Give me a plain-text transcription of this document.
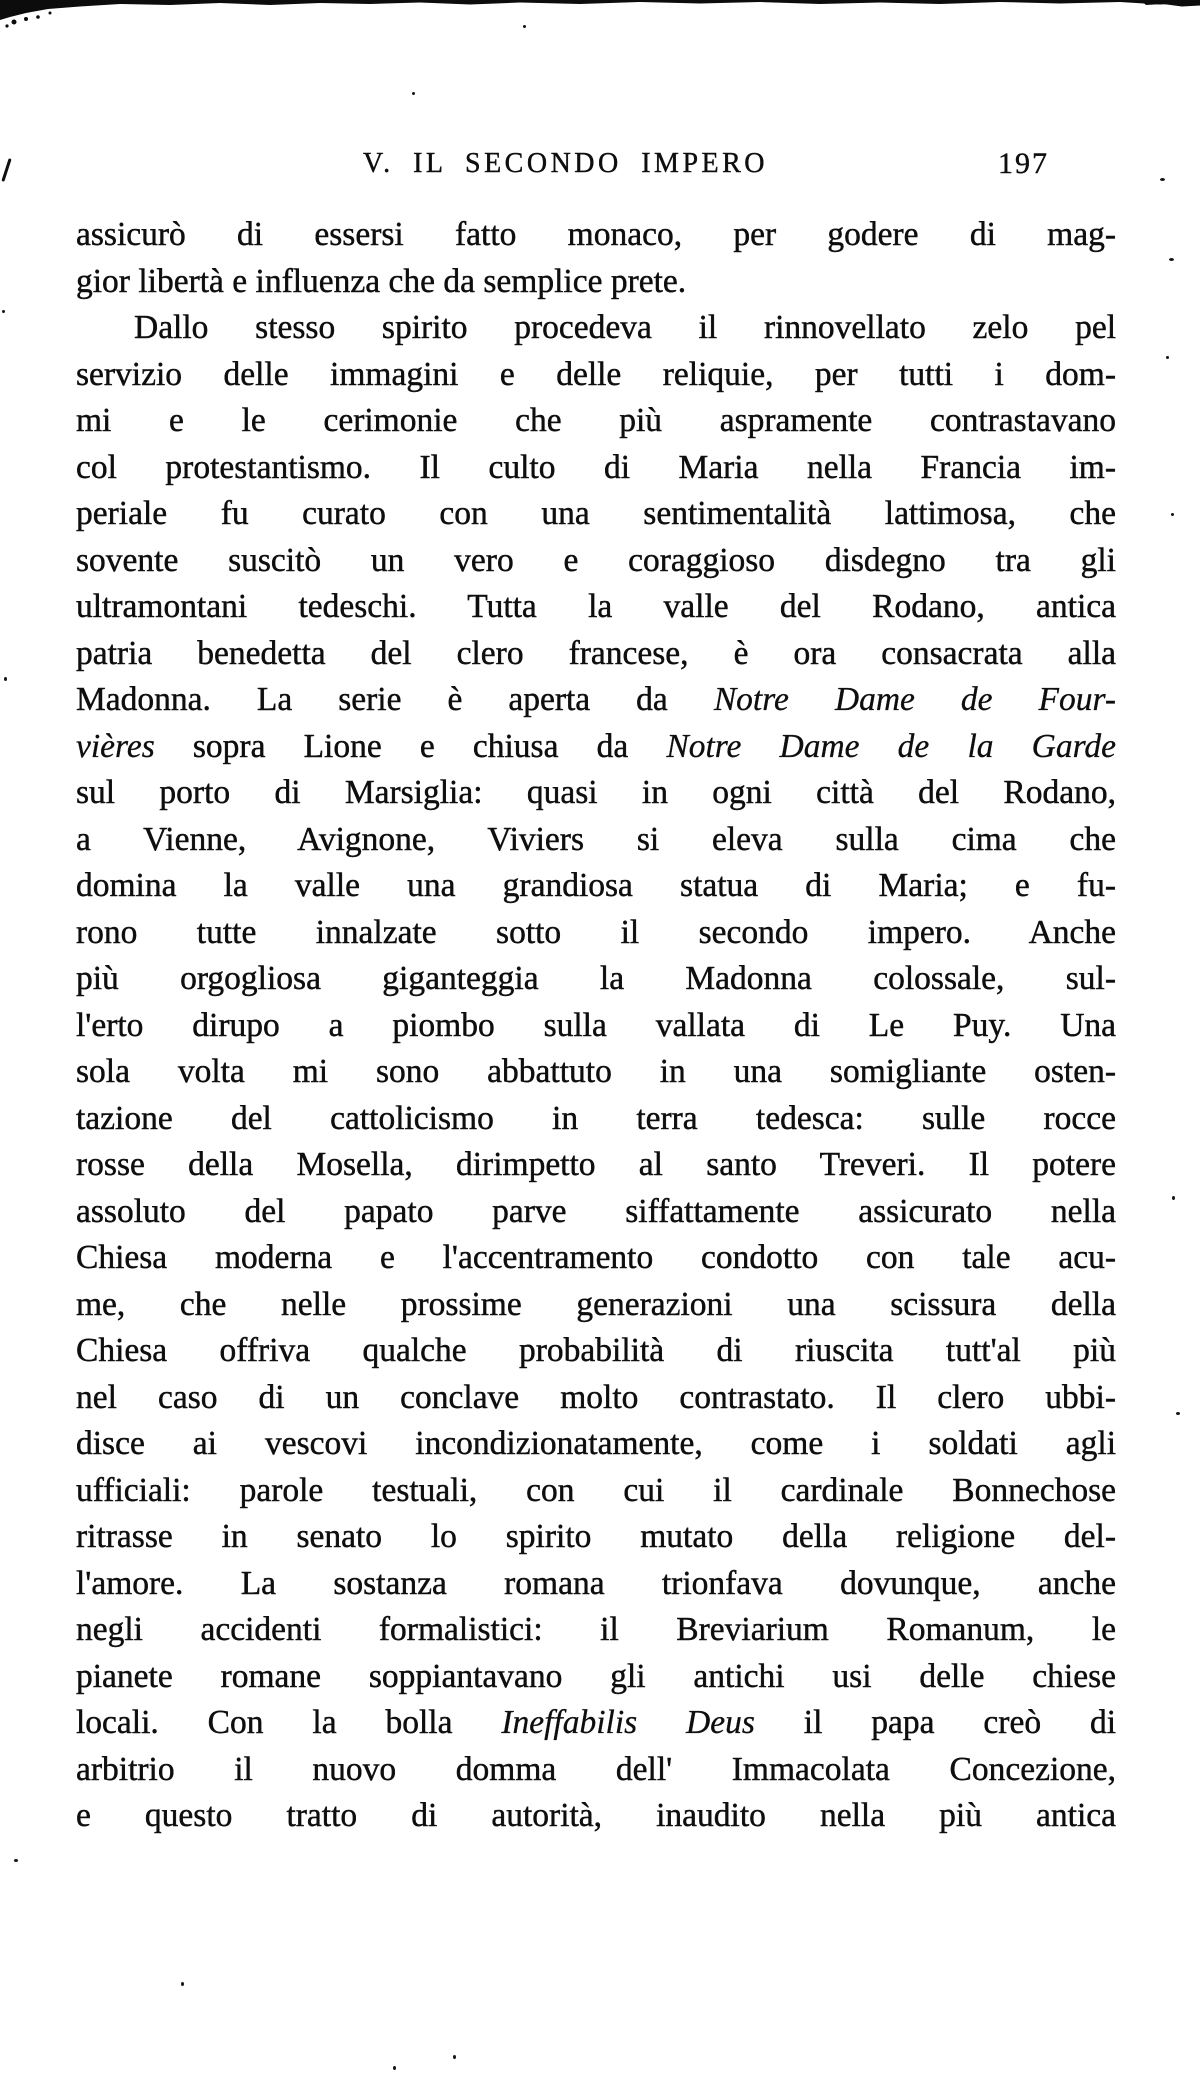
V. IL SECONDO IMPERO	197
assicurò di essersi fatto monaco, per godere di mag-
gior libertà e influenza che da semplice prete.
Dallo stesso spirito procedeva il rinnovellato zelo pel
servizio delle immagini e delle reliquie, per tutti i dom-
mi e le cerimonie che più aspramente contrastavano
col protestantismo. Il culto di Maria nella Francia im-
periale fu curato con una sentimentalità lattimosa, che
sovente suscitò un vero e coraggioso disdegno tra gli
ultramontani tedeschi. Tutta la valle del Rodano, antica
patria benedetta del clero francese, è ora consacrata alla
Madonna. La serie è aperta da Notre Dame de Four-
vières sopra Lione e chiusa da Notre Dame de la Garde
sul porto di Marsiglia: quasi in ogni città del Rodano,
a Vienne, Avignone, Viviers si eleva sulla cima che
domina la valle una grandiosa statua di Maria; e fu-
rono tutte innalzate sotto il secondo impero. Anche
più orgogliosa giganteggia la Madonna colossale, sul-
l'erto dirupo a piombo sulla vallata di Le Puy. Una
sola volta mi sono abbattuto in una somigliante osten-
tazione del cattolicismo in terra tedesca: sulle rocce
rosse della Mosella, dirimpetto al santo Treveri. Il potere
assoluto del papato parve siffattamente assicurato nella
Chiesa moderna e l'accentramento condotto con tale acu-
me, che nelle prossime generazioni una scissura della
Chiesa offriva qualche probabilità di riuscita tutt'al più
nel caso di un conclave molto contrastato. Il clero ubbi-
disce ai vescovi incondizionatamente, come i soldati agli
ufficiali: parole testuali, con cui il cardinale Bonnechose
ritrasse in senato lo spirito mutato della religione del-
l'amore. La sostanza romana trionfava dovunque, anche
negli accidenti formalistici: il Breviarium Romanum, le
pianete romane soppiantavano gli antichi usi delle chiese
locali. Con la bolla Ineffabilis Deus il papa creò di
arbitrio il nuovo domma dell' Immacolata Concezione,
e questo tratto di autorità, inaudito nella più antica
